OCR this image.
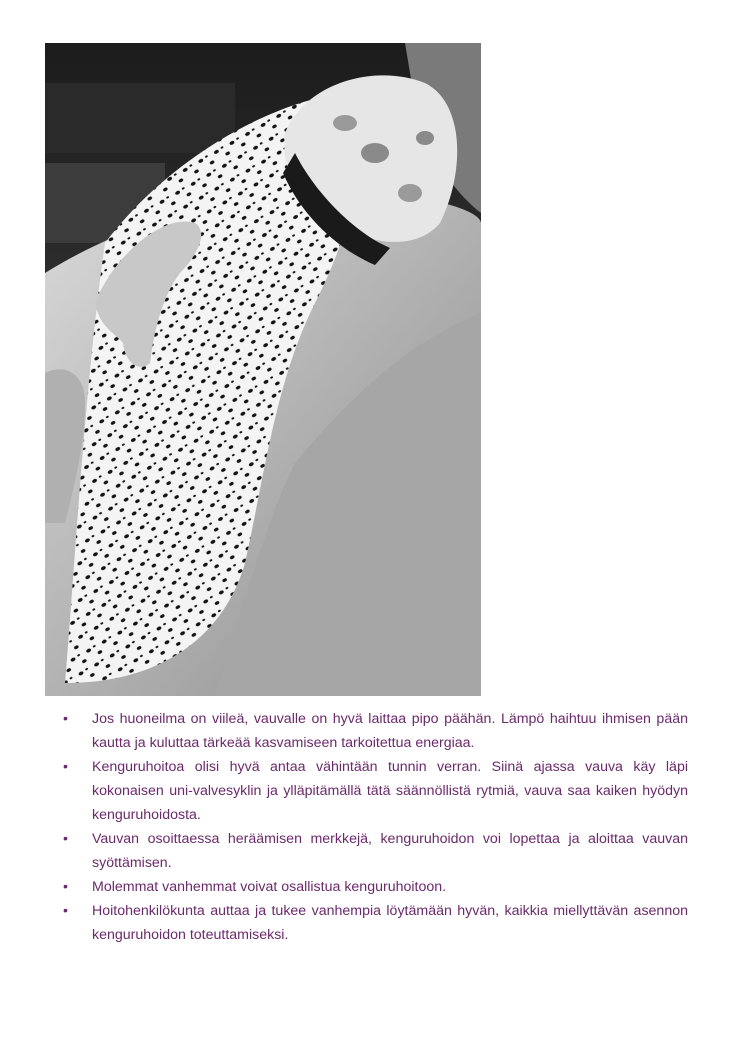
• Jos huoneilma on viileä, vauvalle on hyvä laittaa pipo päähän. Lämpö haihtuu ihmisen pään kautta ja kuluttaa tärkeää kasvamiseen tarkoitettua energiaa.
• Kenguruhoitoa olisi hyvä antaa vähintään tunnin verran. Siinä ajassa vauva käy läpi kokonaisen uni-valvesyklin ja ylläpitämällä tätä säännöllistä rytmiä, vauva saa kaiken hyödyn kenguruhoidosta.
• Vauvan osoittaessa heräämisen merkkejä, kenguruhoidon voi lopettaa ja aloittaa vauvan syöttämisen.
• Molemmat vanhemmat voivat osallistua kenguruhoitoon.
• Hoitohenkilökunta auttaa ja tukee vanhempia löytämään hyvän, kaikkia miellyttävän asennon kenguruhoidon toteuttamiseksi.
